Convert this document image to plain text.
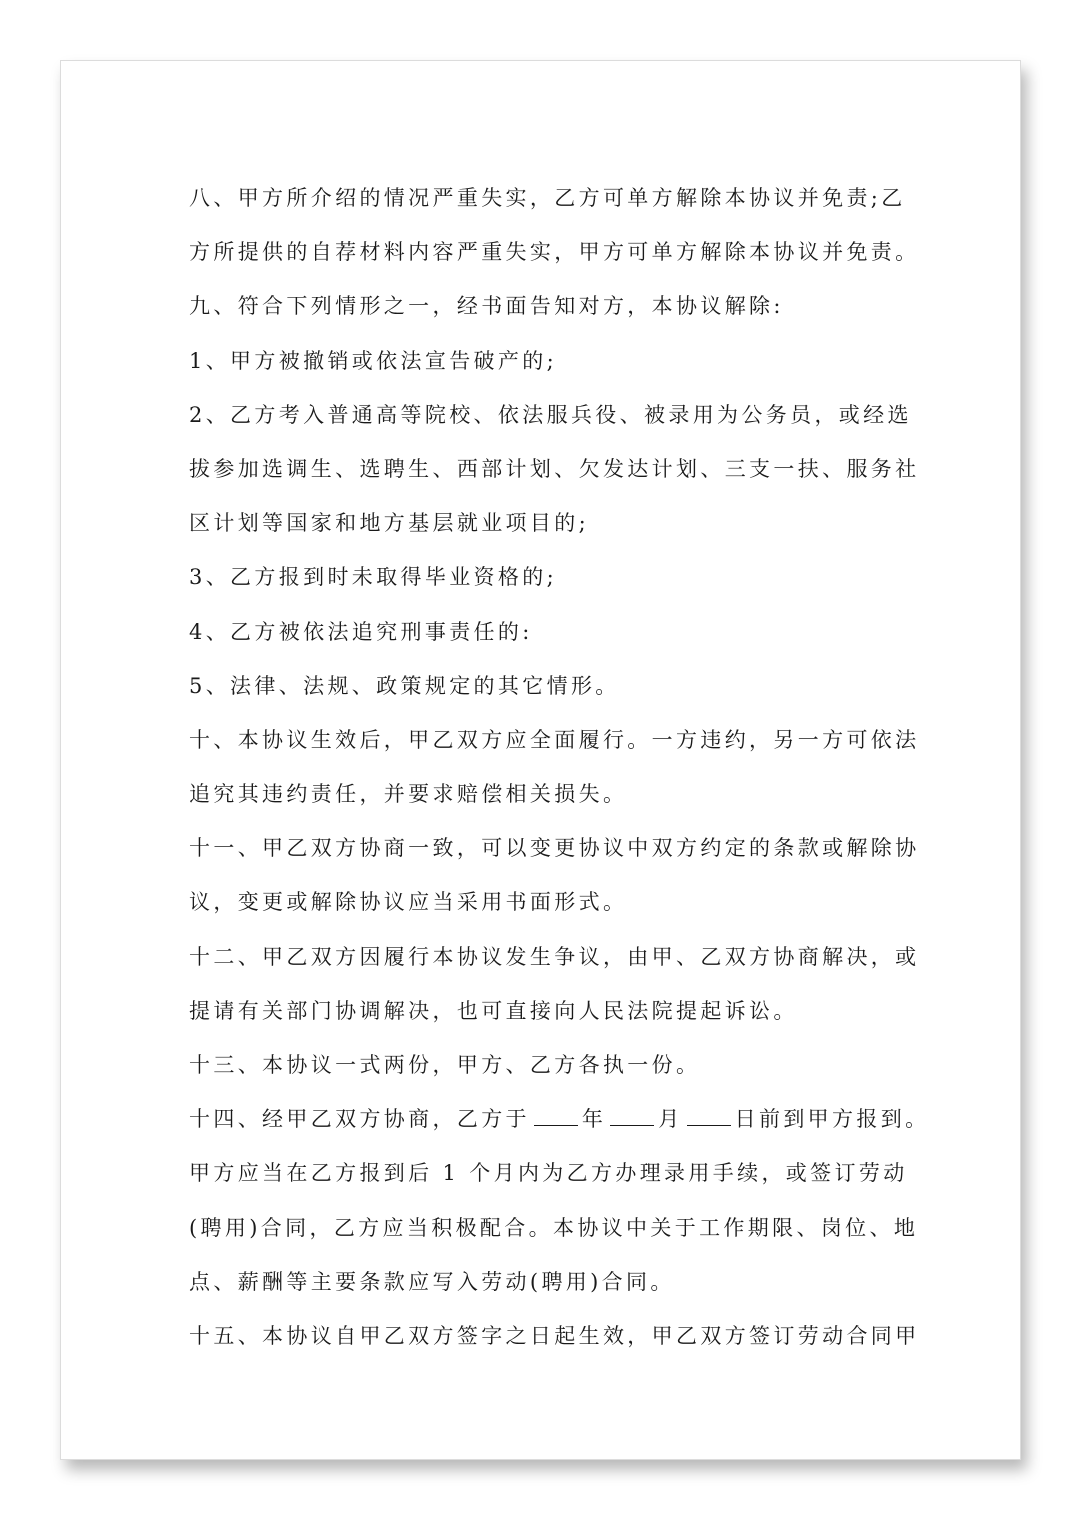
八、甲方所介绍的情况严重失实，乙方可单方解除本协议并免责;乙
方所提供的自荐材料内容严重失实，甲方可单方解除本协议并免责。
九、符合下列情形之一，经书面告知对方，本协议解除:
1、甲方被撤销或依法宣告破产的;
2、乙方考入普通高等院校、依法服兵役、被录用为公务员，或经选
拔参加选调生、选聘生、西部计划、欠发达计划、三支一扶、服务社
区计划等国家和地方基层就业项目的;
3、乙方报到时未取得毕业资格的;
4、乙方被依法追究刑事责任的:
5、法律、法规、政策规定的其它情形。
十、本协议生效后，甲乙双方应全面履行。一方违约，另一方可依法
追究其违约责任，并要求赔偿相关损失。
十一、甲乙双方协商一致，可以变更协议中双方约定的条款或解除协
议，变更或解除协议应当采用书面形式。
十二、甲乙双方因履行本协议发生争议，由甲、乙双方协商解决，或
提请有关部门协调解决，也可直接向人民法院提起诉讼。
十三、本协议一式两份，甲方、乙方各执一份。
十四、经甲乙双方协商，乙方于 年 月 日前到甲方报到。
甲方应当在乙方报到后 1 个月内为乙方办理录用手续，或签订劳动
(聘用)合同，乙方应当积极配合。本协议中关于工作期限、岗位、地
点、薪酬等主要条款应写入劳动(聘用)合同。
十五、本协议自甲乙双方签字之日起生效，甲乙双方签订劳动合同甲
